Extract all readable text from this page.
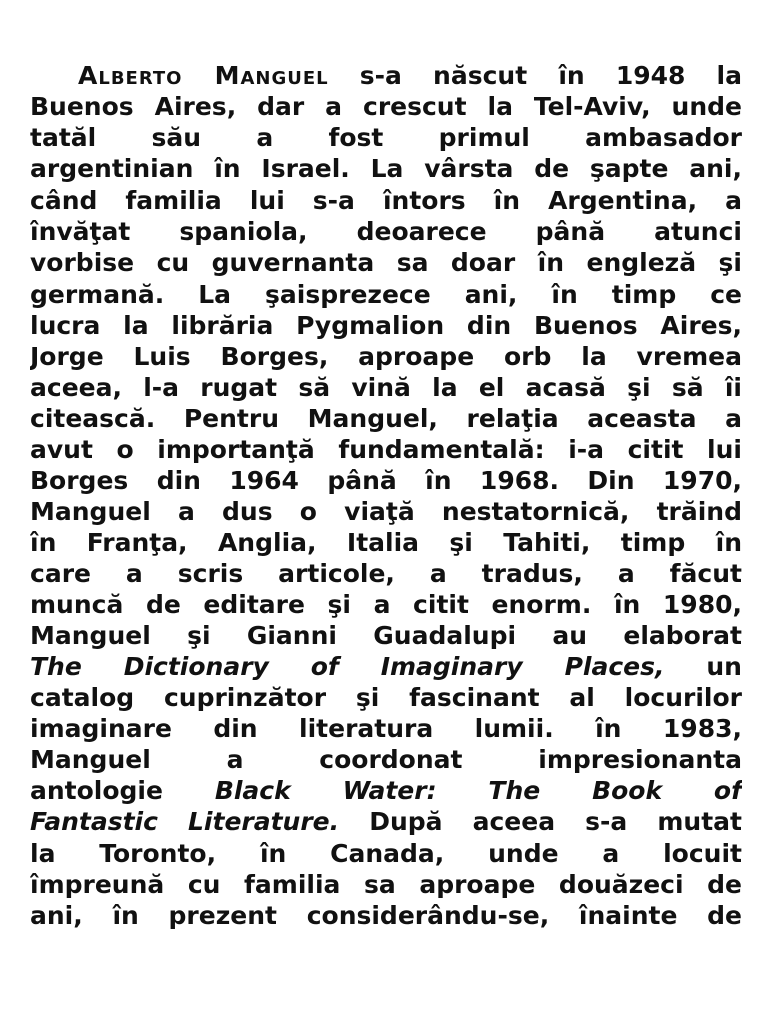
Alberto Manguel s-a născut în 1948 la
Buenos Aires, dar a crescut la Tel-Aviv, unde
tatăl său a fost primul ambasador
argentinian în Israel. La vârsta de şapte ani,
când familia lui s-a întors în Argentina, a
învăţat spaniola, deoarece până atunci
vorbise cu guvernanta sa doar în engleză şi
germană. La şaisprezece ani, în timp ce
lucra la librăria Pygmalion din Buenos Aires,
Jorge Luis Borges, aproape orb la vremea
aceea, l-a rugat să vină la el acasă şi să îi
citească. Pentru Manguel, relaţia aceasta a
avut o importanţă fundamentală: i-a citit lui
Borges din 1964 până în 1968. Din 1970,
Manguel a dus o viaţă nestatornică, trăind
în Franţa, Anglia, Italia şi Tahiti, timp în
care a scris articole, a tradus, a făcut
muncă de editare şi a citit enorm. în 1980,
Manguel şi Gianni Guadalupi au elaborat
The Dictionary of Imaginary Places, un
catalog cuprinzător şi fascinant al locurilor
imaginare din literatura lumii. în 1983,
Manguel a coordonat impresionanta
antologie Black Water: The Book of
Fantastic Literature. După aceea s-a mutat
la Toronto, în Canada, unde a locuit
împreună cu familia sa aproape douăzeci de
ani, în prezent considerându-se, înainte de
